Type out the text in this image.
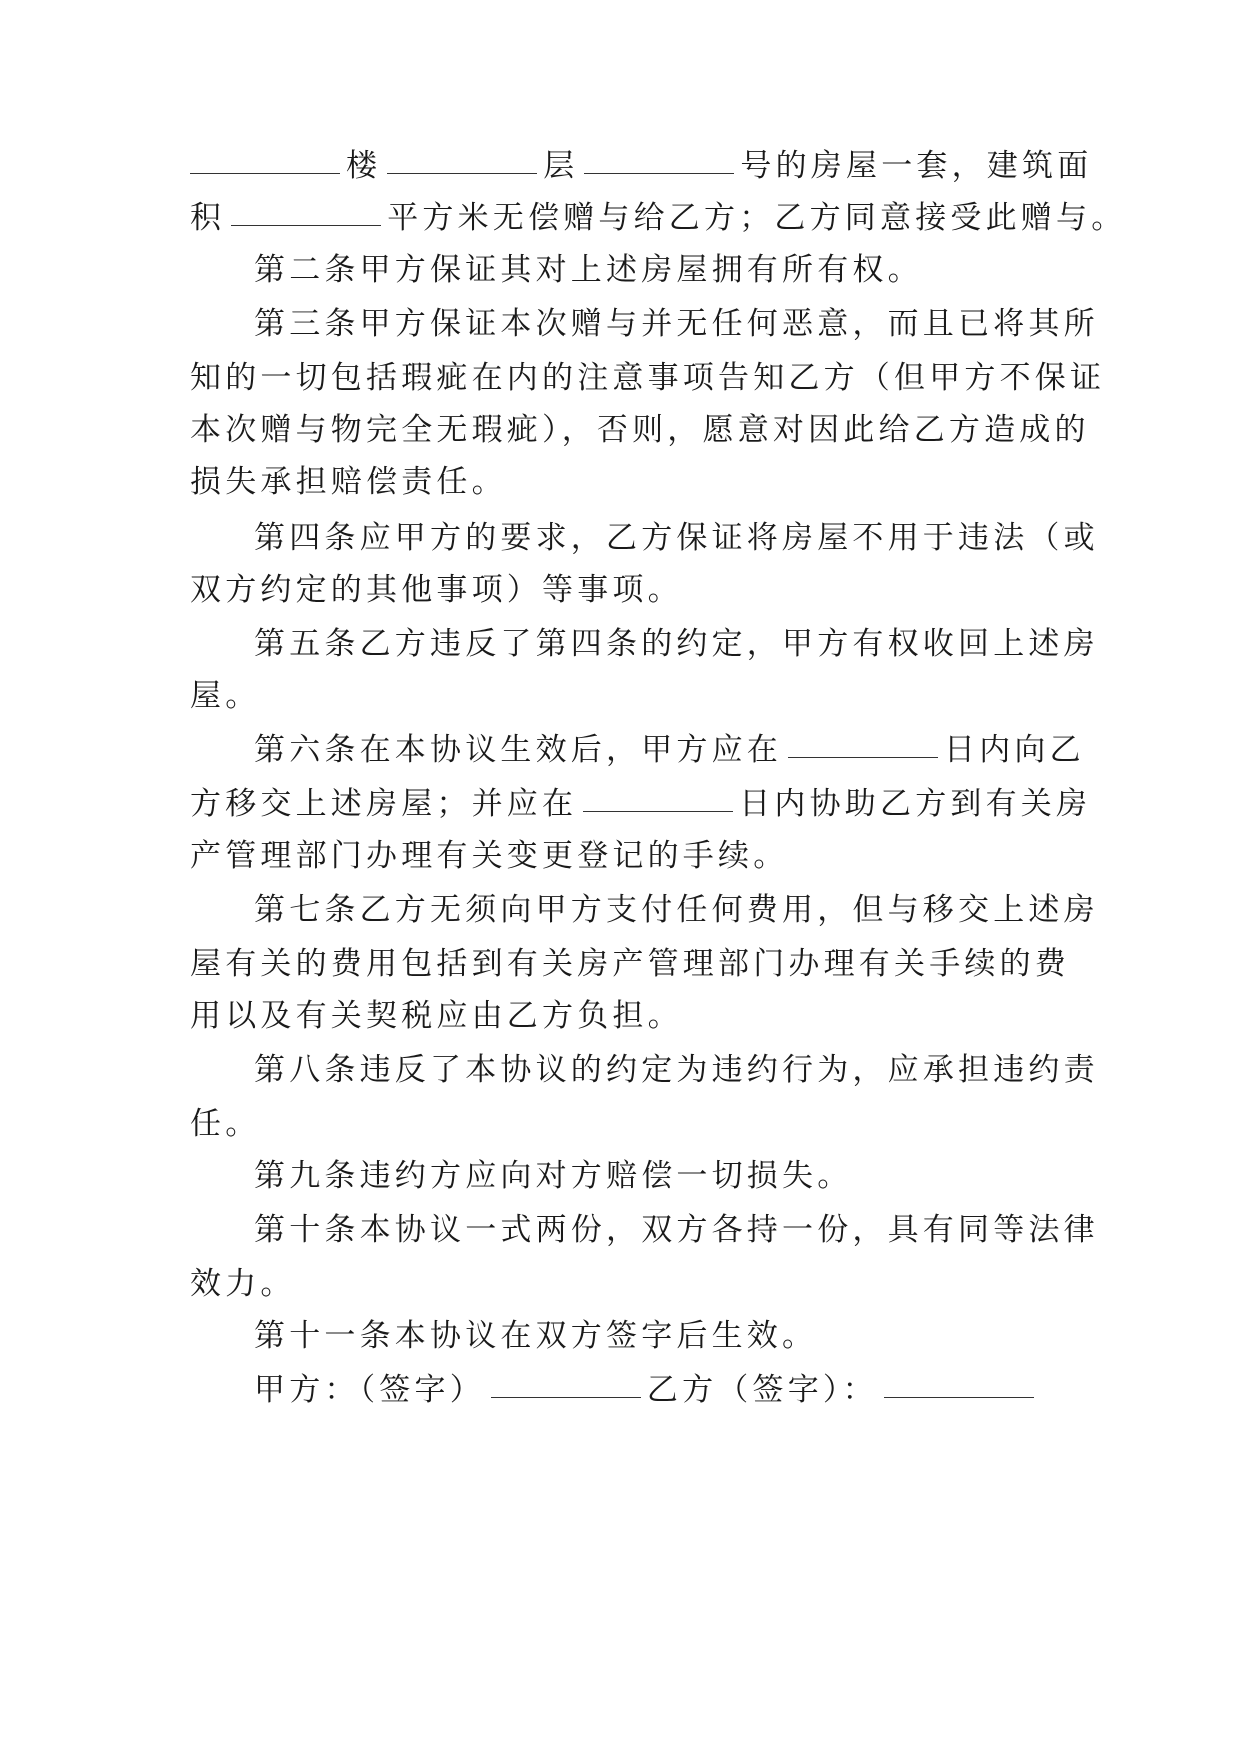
楼	层	号的房屋一套，建筑面
积	平方米无偿赠与给乙方；乙方同意接受此赠与。
第二条甲方保证其对上述房屋拥有所有权。
第三条甲方保证本次赠与并无任何恶意，而且已将其所
知的一切包括瑕疵在内的注意事项告知乙方（但甲方不保证
本次赠与物完全无瑕疵），否则，愿意对因此给乙方造成的
损失承担赔偿责任。
第四条应甲方的要求，乙方保证将房屋不用于违法（或
双方约定的其他事项）等事项。
第五条乙方违反了第四条的约定，甲方有权收回上述房
屋。
第六条在本协议生效后，甲方应在	日内向乙
方移交上述房屋；并应在	日内协助乙方到有关房
产管理部门办理有关变更登记的手续。
第七条乙方无须向甲方支付任何费用，但与移交上述房
屋有关的费用包括到有关房产管理部门办理有关手续的费
用以及有关契税应由乙方负担。
第八条违反了本协议的约定为违约行为，应承担违约责
任。
第九条违约方应向对方赔偿一切损失。
第十条本协议一式两份，双方各持一份，具有同等法律
效力。
第十一条本协议在双方签字后生效。
甲方：（签字）	乙方（签字）：
